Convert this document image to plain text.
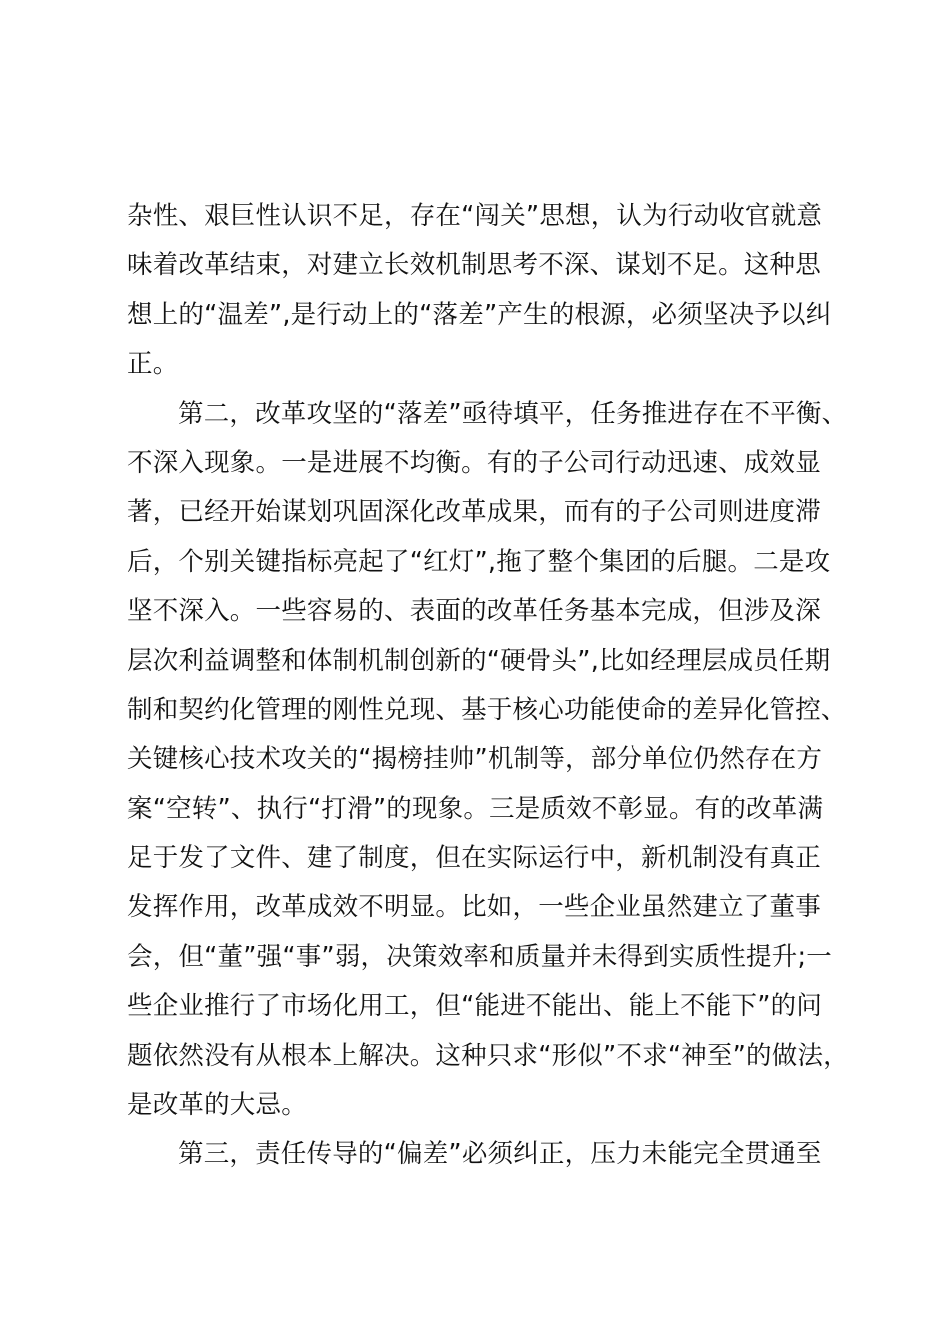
杂性、艰巨性认识不足，存在“闯关”思想，认为行动收官就意
味着改革结束，对建立长效机制思考不深、谋划不足。这种思
想上的“温差”,是行动上的“落差”产生的根源，必须坚决予以纠
正。
第二，改革攻坚的“落差”亟待填平，任务推进存在不平衡、
不深入现象。一是进展不均衡。有的子公司行动迅速、成效显
著，已经开始谋划巩固深化改革成果，而有的子公司则进度滞
后，个别关键指标亮起了“红灯”,拖了整个集团的后腿。二是攻
坚不深入。一些容易的、表面的改革任务基本完成，但涉及深
层次利益调整和体制机制创新的“硬骨头”,比如经理层成员任期
制和契约化管理的刚性兑现、基于核心功能使命的差异化管控、
关键核心技术攻关的“揭榜挂帅”机制等，部分单位仍然存在方
案“空转”、执行“打滑”的现象。三是质效不彰显。有的改革满
足于发了文件、建了制度，但在实际运行中，新机制没有真正
发挥作用，改革成效不明显。比如，一些企业虽然建立了董事
会，但“董”强“事”弱，决策效率和质量并未得到实质性提升;一
些企业推行了市场化用工，但“能进不能出、能上不能下”的问
题依然没有从根本上解决。这种只求“形似”不求“神至”的做法，
是改革的大忌。
第三，责任传导的“偏差”必须纠正，压力未能完全贯通至
